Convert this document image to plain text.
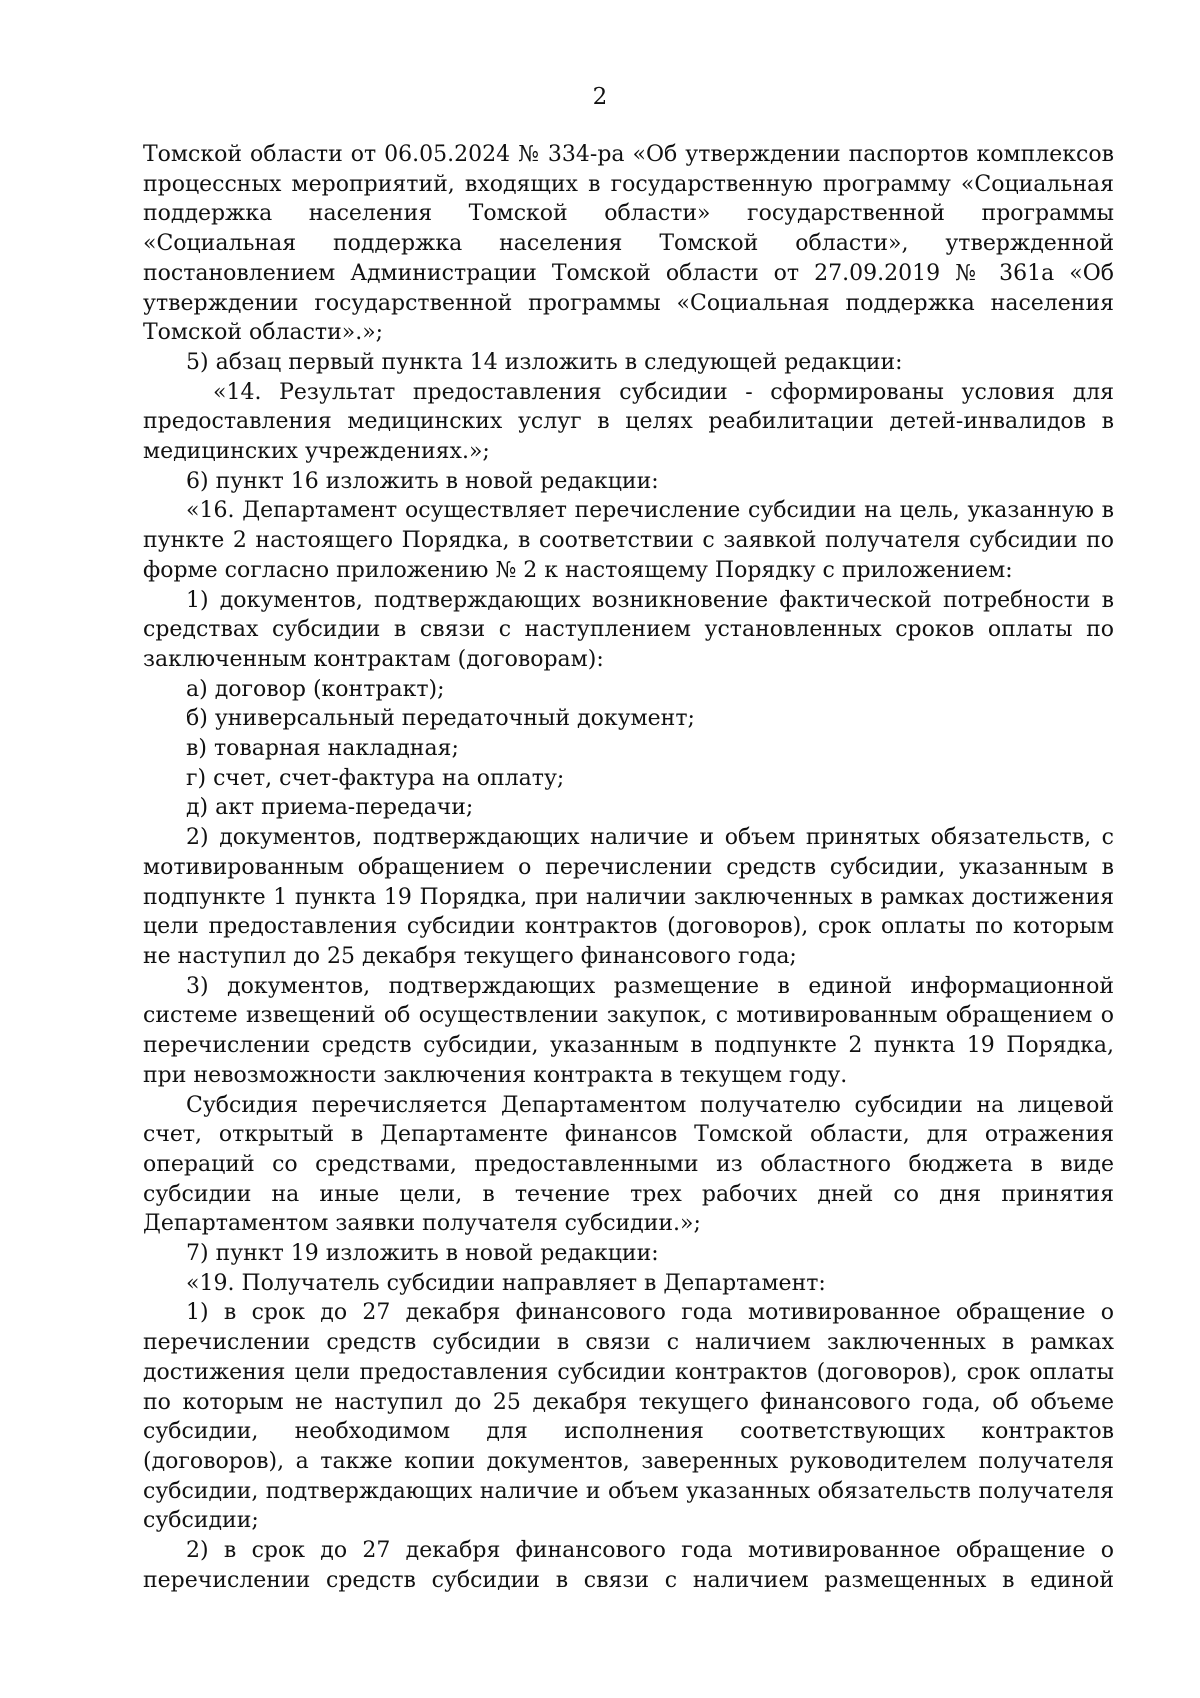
2

Томской области от 06.05.2024 № 334-ра «Об утверждении паспортов комплексов процессных мероприятий, входящих в государственную программу «Социальная поддержка населения Томской области» государственной программы «Социальная поддержка населения Томской области», утвержденной постановлением Администрации Томской области от 27.09.2019 № 361а «Об утверждении государственной программы «Социальная поддержка населения Томской области».»;

5) абзац первый пункта 14 изложить в следующей редакции:

«14. Результат предоставления субсидии - сформированы условия для предоставления медицинских услуг в целях реабилитации детей-инвалидов в медицинских учреждениях.»;

6) пункт 16 изложить в новой редакции:

«16. Департамент осуществляет перечисление субсидии на цель, указанную в пункте 2 настоящего Порядка, в соответствии с заявкой получателя субсидии по форме согласно приложению № 2 к настоящему Порядку с приложением:

1) документов, подтверждающих возникновение фактической потребности в средствах субсидии в связи с наступлением установленных сроков оплаты по заключенным контрактам (договорам):

а) договор (контракт);

б) универсальный передаточный документ;

в) товарная накладная;

г) счет, счет-фактура на оплату;

д) акт приема-передачи;

2) документов, подтверждающих наличие и объем принятых обязательств, с мотивированным обращением о перечислении средств субсидии, указанным в подпункте 1 пункта 19 Порядка, при наличии заключенных в рамках достижения цели предоставления субсидии контрактов (договоров), срок оплаты по которым не наступил до 25 декабря текущего финансового года;

3) документов, подтверждающих размещение в единой информационной системе извещений об осуществлении закупок, с мотивированным обращением о перечислении средств субсидии, указанным в подпункте 2 пункта 19 Порядка, при невозможности заключения контракта в текущем году.

Субсидия перечисляется Департаментом получателю субсидии на лицевой счет, открытый в Департаменте финансов Томской области, для отражения операций со средствами, предоставленными из областного бюджета в виде субсидии на иные цели, в течение трех рабочих дней со дня принятия Департаментом заявки получателя субсидии.»;

7) пункт 19 изложить в новой редакции:

«19. Получатель субсидии направляет в Департамент:

1) в срок до 27 декабря финансового года мотивированное обращение о перечислении средств субсидии в связи с наличием заключенных в рамках достижения цели предоставления субсидии контрактов (договоров), срок оплаты по которым не наступил до 25 декабря текущего финансового года, об объеме субсидии, необходимом для исполнения соответствующих контрактов (договоров), а также копии документов, заверенных руководителем получателя субсидии, подтверждающих наличие и объем указанных обязательств получателя субсидии;

2) в срок до 27 декабря финансового года мотивированное обращение о перечислении средств субсидии в связи с наличием размещенных в единой
